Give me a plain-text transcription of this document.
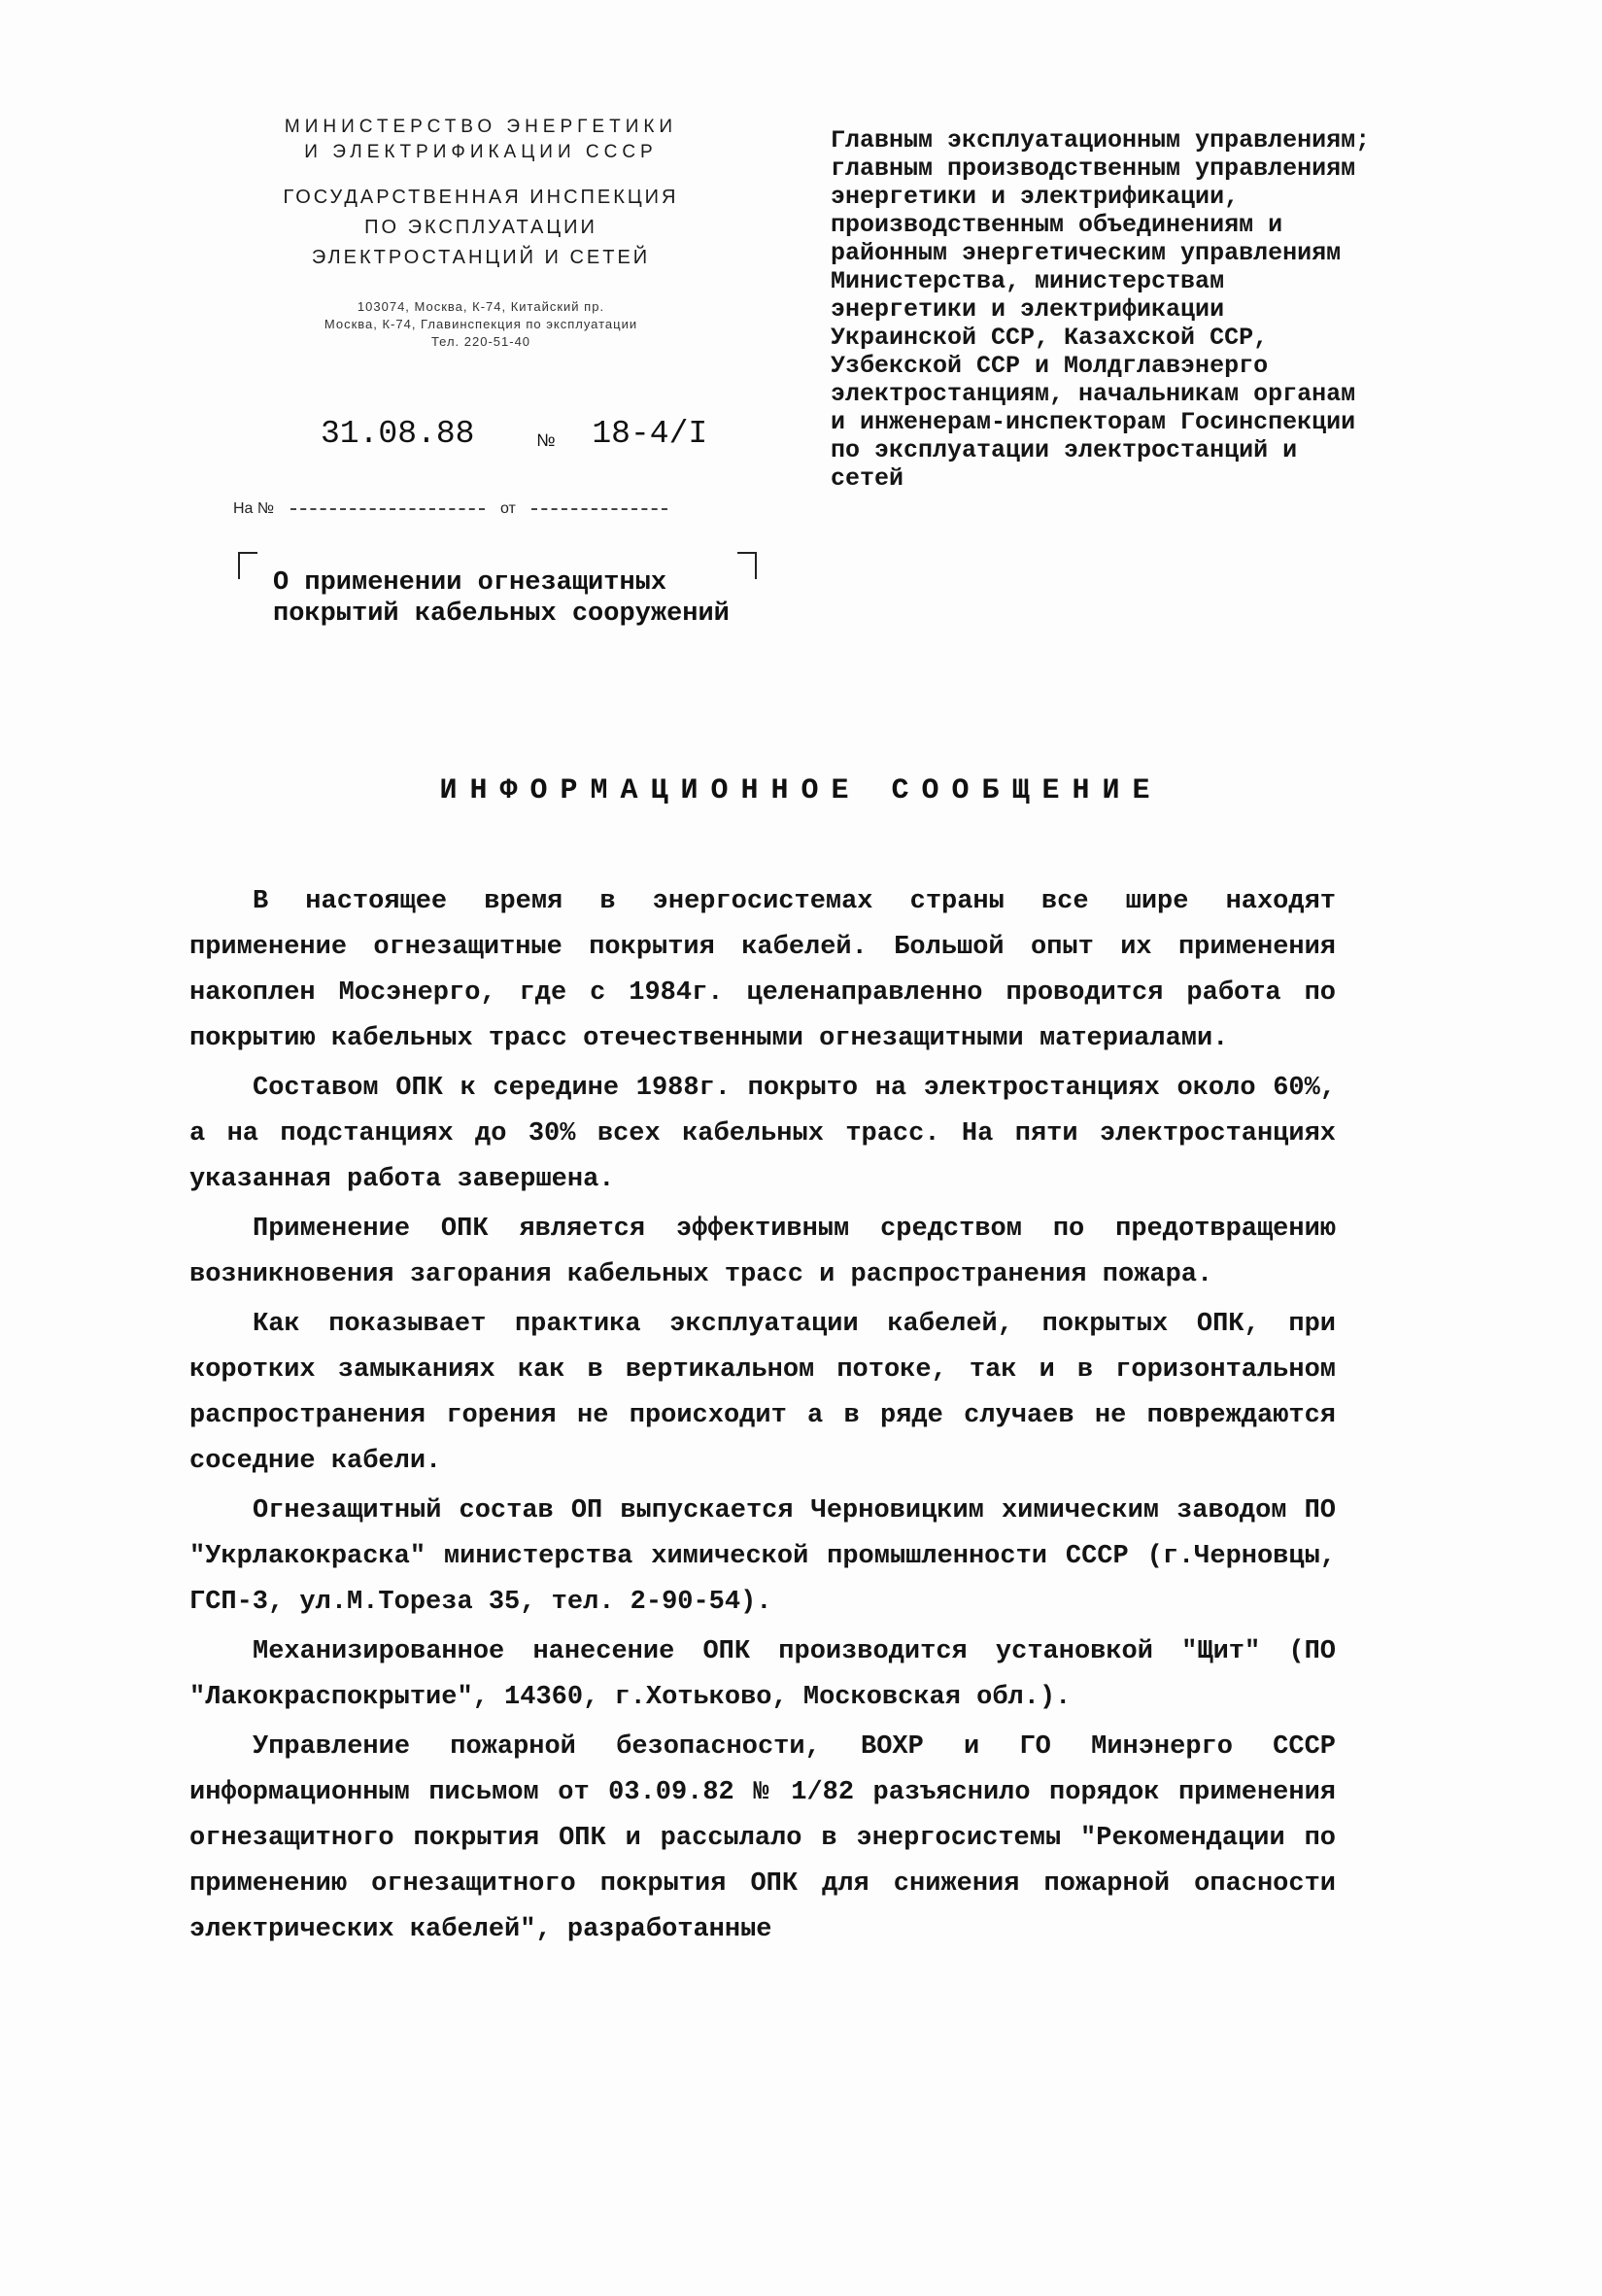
МИНИСТЕРСТВО ЭНЕРГЕТИКИ
И ЭЛЕКТРИФИКАЦИИ СССР
ГОСУДАРСТВЕННАЯ ИНСПЕКЦИЯ
ПО ЭКСПЛУАТАЦИИ
ЭЛЕКТРОСТАНЦИЙ И СЕТЕЙ
103074, Москва, К-74, Китайский пр.
Москва, К-74, Главинспекция по эксплуатации
Тел. 220-51-40
31.08.88	№ 18-4/I
На №	от
О применении огнезащитных покрытий кабельных сооружений
Главным эксплуатационным управлениям; главным производственным управлениям энергетики и электрификации, производственным объединениям и районным энергетическим управлениям Министерства, министерствам энергетики и электрификации Украинской ССР, Казахской ССР, Узбекской ССР и Молдглавэнерго электростанциям, начальникам органам и инженерам-инспекторам Госинспекции по эксплуатации электростанций и сетей
ИНФОРМАЦИОННОЕ СООБЩЕНИЕ

В настоящее время в энергосистемах страны все шире находят применение огнезащитные покрытия кабелей. Большой опыт их применения накоплен Мосэнерго, где с 1984г. целенаправленно проводится работа по покрытию кабельных трасс отечественными огнезащитными материалами.

Составом ОПК к середине 1988г. покрыто на электростанциях около 60%, а на подстанциях до 30% всех кабельных трасс. На пяти электростанциях указанная работа завершена.

Применение ОПК является эффективным средством по предотвращению возникновения загорания кабельных трасс и распространения пожара.

Как показывает практика эксплуатации кабелей, покрытых ОПК, при коротких замыканиях как в вертикальном потоке, так и в горизонтальном распространения горения не происходит а в ряде случаев не повреждаются соседние кабели.

Огнезащитный состав ОП выпускается Черновицким химическим заводом ПО "Укрлакокраска" министерства химической промышленности СССР (г.Черновцы, ГСП-3, ул.М.Тореза 35, тел. 2-90-54).

Механизированное нанесение ОПК производится установкой "Щит" (ПО "Лакокраспокрытие", 14360, г.Хотьково, Московская обл.).

Управление пожарной безопасности, ВОХР и ГО Минэнерго СССР информационным письмом от 03.09.82 № 1/82 разъяснило порядок применения огнезащитного покрытия ОПК и рассылало в энергосистемы "Рекомендации по применению огнезащитного покрытия ОПК для снижения пожарной опасности электрических кабелей", разработанные
